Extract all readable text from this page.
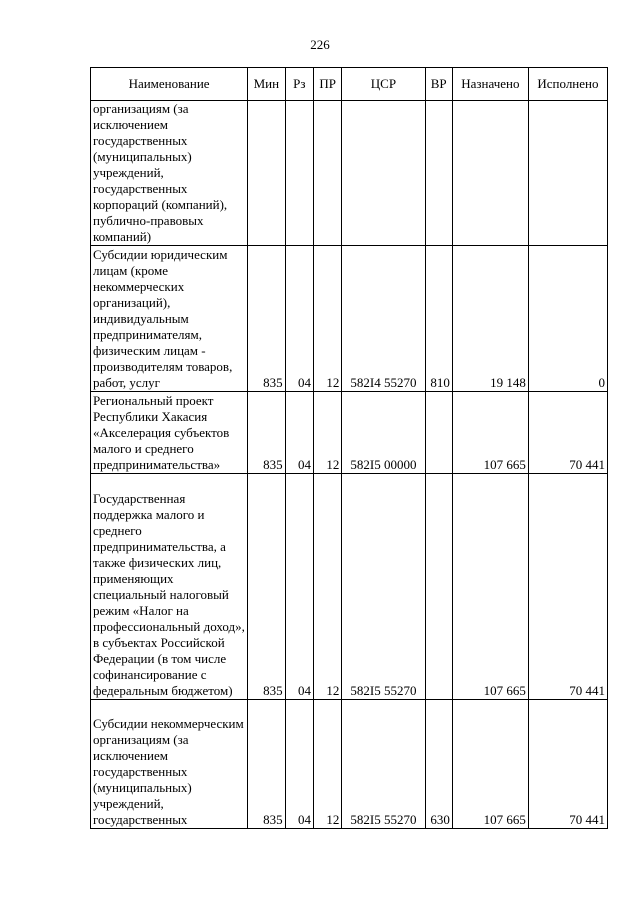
226
Наименование	Мин	Рз	ПР	ЦСР	ВР	Назначено	Исполнено
организациям (за исключением государственных (муниципальных) учреждений, государственных корпораций (компаний), публично-правовых компаний)							
Субсидии юридическим лицам (кроме некоммерческих организаций), индивидуальным предпринимателям, физическим лицам - производителям товаров, работ, услуг	835	04	12	582I4 55270	810	19 148	0
Региональный проект Республики Хакасия «Акселерация субъектов малого и среднего предпринимательства»	835	04	12	582I5 00000		107 665	70 441
Государственная поддержка малого и среднего предпринимательства, а также физических лиц, применяющих специальный налоговый режим «Налог на профессиональный доход», в субъектах Российской Федерации (в том числе софинансирование с федеральным бюджетом)	835	04	12	582I5 55270		107 665	70 441
Субсидии некоммерческим организациям (за исключением государственных (муниципальных) учреждений, государственных	835	04	12	582I5 55270	630	107 665	70 441
